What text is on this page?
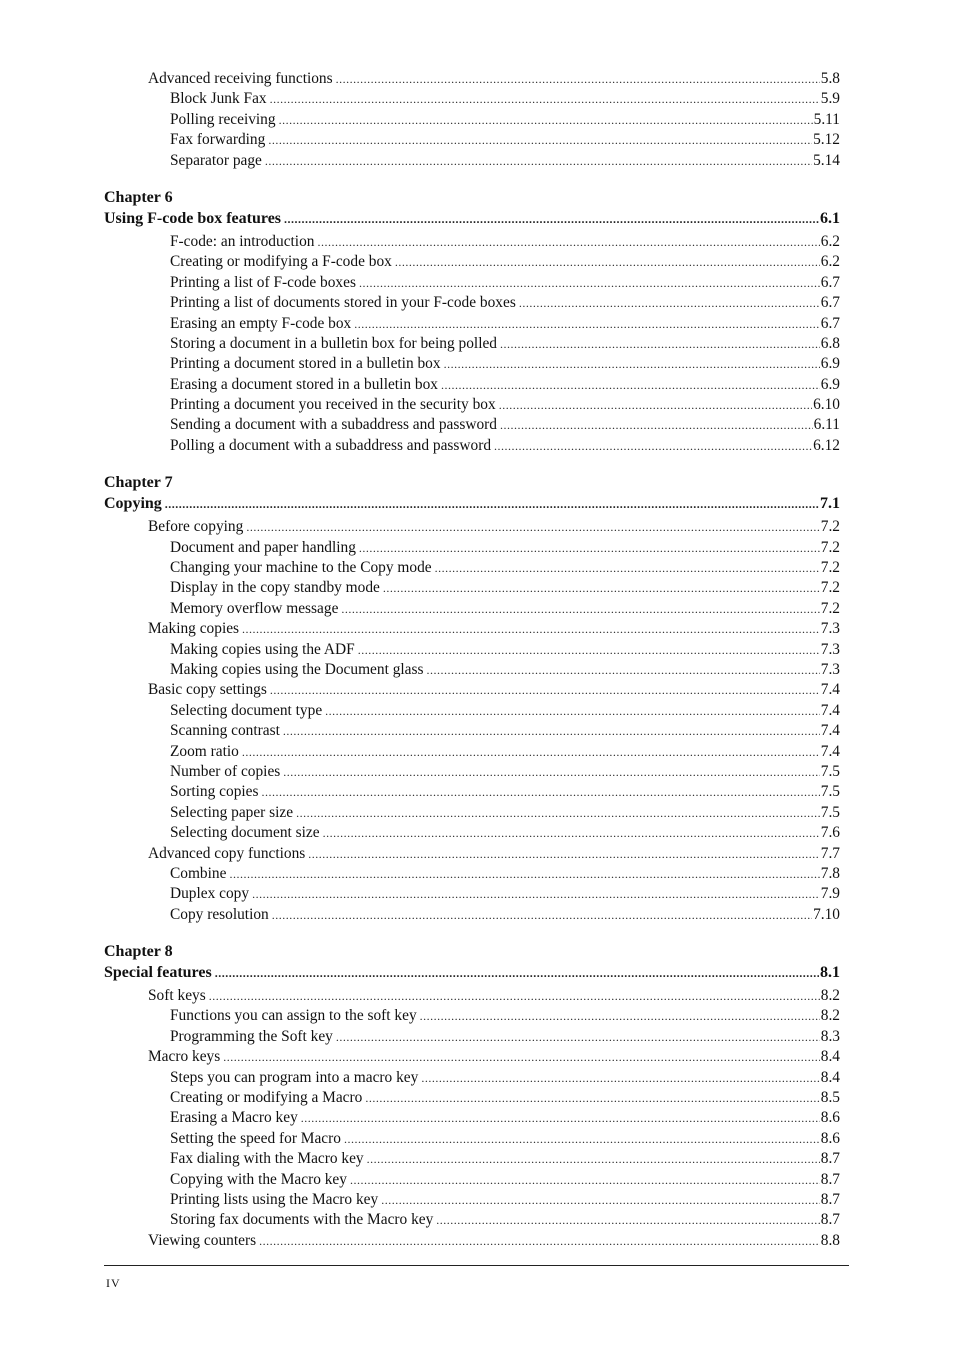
Advanced receiving functions .....	5.8
Block Junk Fax .....	5.9
Polling receiving .....	5.11
Fax forwarding .....	5.12
Separator page .....	5.14
Chapter 6
Using F-code box features .....	6.1
F-code: an introduction .....	6.2
Creating or modifying a F-code box .....	6.2
Printing a list of F-code boxes .....	6.7
Printing a list of documents stored in your F-code boxes .....	6.7
Erasing an empty F-code box .....	6.7
Storing a document in a bulletin box for being polled .....	6.8
Printing a document stored in a bulletin box .....	6.9
Erasing a document stored in a bulletin box .....	6.9
Printing a document you received in the security box .....	6.10
Sending a document with a subaddress and password .....	6.11
Polling a document with a subaddress and password .....	6.12
Chapter 7
Copying .....	7.1
Before copying .....	7.2
Document and paper handling .....	7.2
Changing your machine to the Copy mode .....	7.2
Display in the copy standby mode .....	7.2
Memory overflow message .....	7.2
Making copies .....	7.3
Making copies using the ADF .....	7.3
Making copies using the Document glass .....	7.3
Basic copy settings .....	7.4
Selecting document type .....	7.4
Scanning contrast .....	7.4
Zoom ratio .....	7.4
Number of copies .....	7.5
Sorting copies .....	7.5
Selecting paper size .....	7.5
Selecting document size .....	7.6
Advanced copy functions .....	7.7
Combine .....	7.8
Duplex copy .....	7.9
Copy resolution .....	7.10
Chapter 8
Special features .....	8.1
Soft keys .....	8.2
Functions you can assign to the soft key .....	8.2
Programming the Soft key .....	8.3
Macro keys .....	8.4
Steps you can program into a macro key .....	8.4
Creating or modifying a Macro .....	8.5
Erasing a Macro key .....	8.6
Setting the speed for Macro .....	8.6
Fax dialing with the Macro key .....	8.7
Copying with the Macro key .....	8.7
Printing lists using the Macro key .....	8.7
Storing fax documents with the Macro key .....	8.7
Viewing counters .....	8.8
IV
